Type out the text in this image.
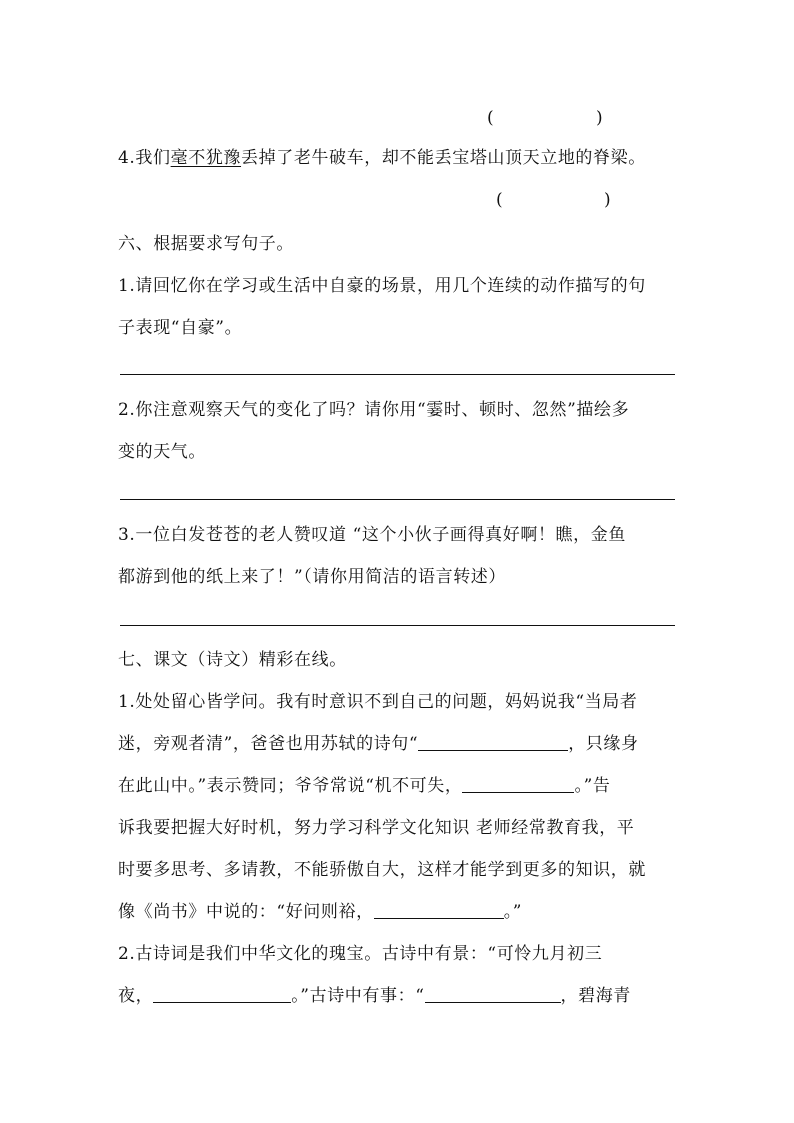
(	)
4.我们毫不犹豫丢掉了老牛破车，却不能丢宝塔山顶天立地的脊梁。
(	)
六、根据要求写句子。
1.请回忆你在学习或生活中自豪的场景，用几个连续的动作描写的句
子表现“自豪”。
2.你注意观察天气的变化了吗？请你用“霎时、顿时、忽然”描绘多
变的天气。
3.一位白发苍苍的老人赞叹道 “这个小伙子画得真好啊！瞧，金鱼
都游到他的纸上来了！”（请你用简洁的语言转述）
七、课文（诗文）精彩在线。
1.处处留心皆学问。我有时意识不到自己的问题，妈妈说我“当局者
迷，旁观者清”，爸爸也用苏轼的诗句“	，只缘身
在此山中。”表示赞同；爷爷常说“机不可失，	。”告
诉我要把握大好时机，努力学习科学文化知识 老师经常教育我，平
时要多思考、多请教，不能骄傲自大，这样才能学到更多的知识，就
像《尚书》中说的：“好问则裕，	。”
2.古诗词是我们中华文化的瑰宝。古诗中有景：“可怜九月初三
夜，	。”古诗中有事：“	，碧海青
